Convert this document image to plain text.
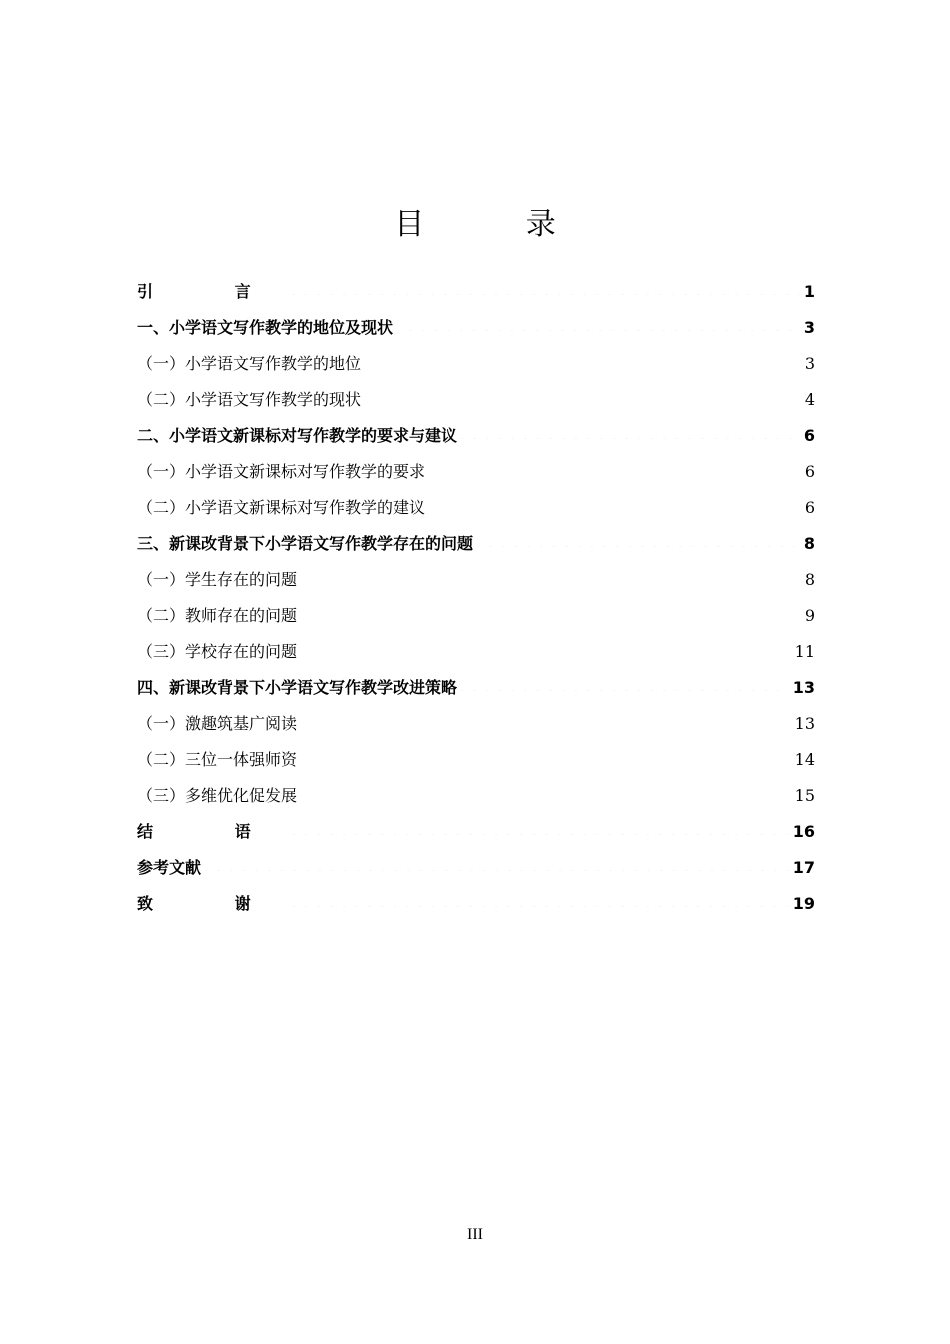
目 录
引 言 . . .	1
一、小学语文写作教学的地位及现状 . . .	3
（一）小学语文写作教学的地位 . . .	3
（二）小学语文写作教学的现状 . . .	4
二、小学语文新课标对写作教学的要求与建议 . . .	6
（一）小学语文新课标对写作教学的要求 . . .	6
（二）小学语文新课标对写作教学的建议 . . .	6
三、新课改背景下小学语文写作教学存在的问题 . . .	8
（一）学生存在的问题 . . .	8
（二）教师存在的问题 . . .	9
（三）学校存在的问题 . . .	11
四、新课改背景下小学语文写作教学改进策略 . . .	13
（一）激趣筑基广阅读 . . .	13
（二）三位一体强师资 . . .	14
（三）多维优化促发展 . . .	15
结 语 . . .	16
参考文献 . . .	17
致 谢 . . .	19
III
